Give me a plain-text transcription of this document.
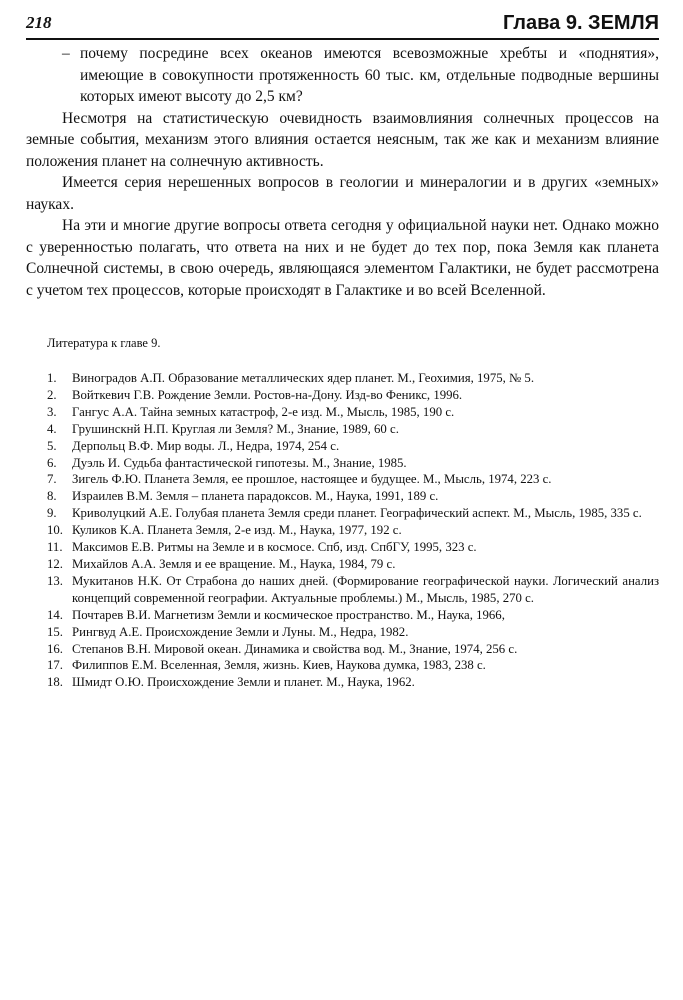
218	Глава 9. ЗЕМЛЯ

– почему посредине всех океанов имеются всевозможные хребты и «поднятия», имеющие в совокупности протяженность 60 тыс. км, отдельные подводные вершины которых имеют высоту до 2,5 км?

Несмотря на статистическую очевидность взаимовлияния солнечных процессов на земные события, механизм этого влияния остается неясным, так же как и механизм влияние положения планет на солнечную активность.

Имеется серия нерешенных вопросов в геологии и минералогии и в других «земных» науках.

На эти и многие другие вопросы ответа сегодня у официальной науки нет. Однако можно с уверенностью полагать, что ответа на них и не будет до тех пор, пока Земля как планета Солнечной системы, в свою очередь, являющаяся элементом Галактики, не будет рассмотрена с учетом тех процессов, которые происходят в Галактике и во всей Вселенной.

Литература к главе 9.
1. Виноградов А.П. Образование металлических ядер планет. М., Геохимия, 1975, № 5.
2. Войткевич Г.В. Рождение Земли. Ростов-на-Дону. Изд-во Феникс, 1996.
3. Гангус А.А. Тайна земных катастроф, 2-е изд. М., Мысль, 1985, 190 с.
4. Грушинскнй Н.П. Круглая ли Земля? М., Знание, 1989, 60 с.
5. Дерпольц В.Ф. Мир воды. Л., Недра, 1974, 254 с.
6. Дуэль И. Судьба фантастической гипотезы. М., Знание, 1985.
7. Зигель Ф.Ю. Планета Земля, ее прошлое, настоящее и будущее. М., Мысль, 1974, 223 с.
8. Израилев В.М. Земля – планета парадоксов. М., Наука, 1991, 189 с.
9. Криволуцкий А.Е. Голубая планета Земля среди планет. Географический аспект. М., Мысль, 1985, 335 с.
10. Куликов К.А. Планета Земля, 2-е изд. М., Наука, 1977, 192 с.
11. Максимов Е.В. Ритмы на Земле и в космосе. Спб, изд. СпбГУ, 1995, 323 с.
12. Михайлов А.А. Земля и ее вращение. М., Наука, 1984, 79 с.
13. Мукитанов Н.К. От Страбона до наших дней. (Формирование географической науки. Логический анализ концепций современной географии. Актуальные проблемы.) М., Мысль, 1985, 270 с.
14. Почтарев В.И. Магнетизм Земли и космическое пространство. М., Наука, 1966,
15. Рингвуд А.Е. Происхождение Земли и Луны. М., Недра, 1982.
16. Степанов В.Н. Мировой океан. Динамика и свойства вод. М., Знание, 1974, 256 с.
17. Филиппов Е.М. Вселенная, Земля, жизнь. Киев, Наукова думка, 1983, 238 с.
18. Шмидт О.Ю. Происхождение Земли и планет. М., Наука, 1962.
